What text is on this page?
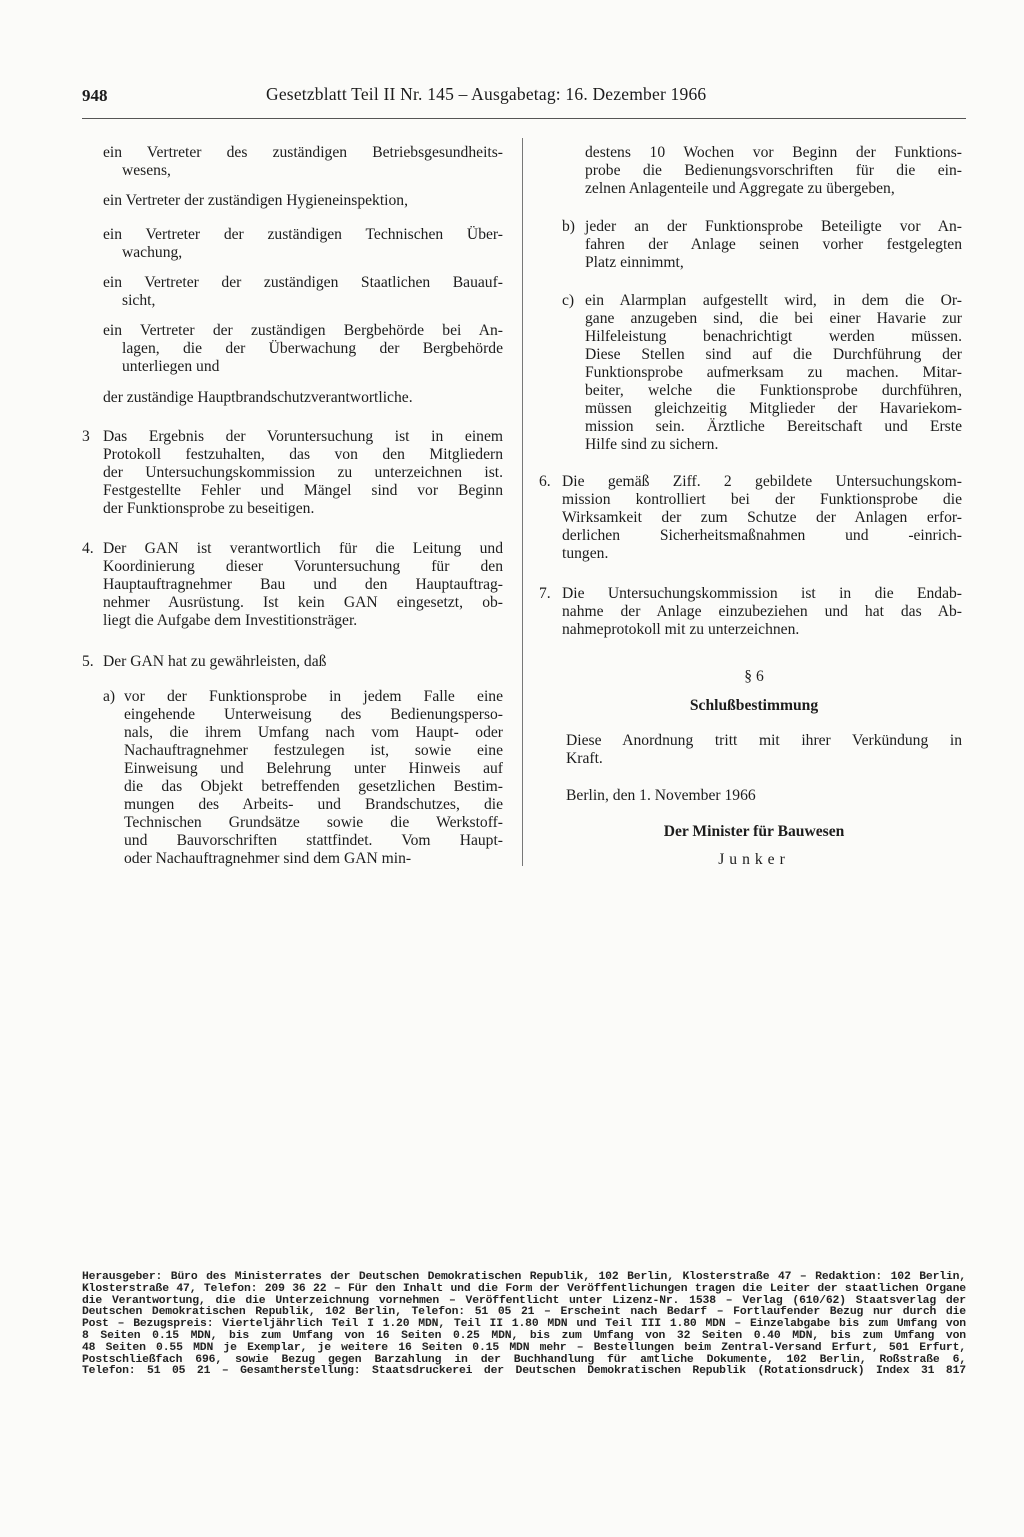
948	Gesetzblatt Teil II Nr. 145 – Ausgabetag: 16. Dezember 1966
ein Vertreter des zuständigen Betriebsgesundheits-
wesens,
ein Vertreter der zuständigen Hygieneinspektion,
ein Vertreter der zuständigen Technischen Über-
wachung,
ein Vertreter der zuständigen Staatlichen Bauauf-
sicht,
ein Vertreter der zuständigen Bergbehörde bei An-
lagen, die der Überwachung der Bergbehörde
unterliegen und
der zuständige Hauptbrandschutzverantwortliche.
3 Das Ergebnis der Voruntersuchung ist in einem
Protokoll festzuhalten, das von den Mitgliedern
der Untersuchungskommission zu unterzeichnen ist.
Festgestellte Fehler und Mängel sind vor Beginn
der Funktionsprobe zu beseitigen.
4. Der GAN ist verantwortlich für die Leitung und
Koordinierung dieser Voruntersuchung für den
Hauptauftragnehmer Bau und den Hauptauftrag-
nehmer Ausrüstung. Ist kein GAN eingesetzt, ob-
liegt die Aufgabe dem Investitionsträger.
5. Der GAN hat zu gewährleisten, daß
a) vor der Funktionsprobe in jedem Falle eine
eingehende Unterweisung des Bedienungsperso-
nals, die ihrem Umfang nach vom Haupt- oder
Nachauftragnehmer festzulegen ist, sowie eine
Einweisung und Belehrung unter Hinweis auf
die das Objekt betreffenden gesetzlichen Bestim-
mungen des Arbeits- und Brandschutzes, die
Technischen Grundsätze sowie die Werkstoff-
und Bauvorschriften stattfindet. Vom Haupt-
oder Nachauftragnehmer sind dem GAN min-
destens 10 Wochen vor Beginn der Funktions-
probe die Bedienungsvorschriften für die ein-
zelnen Anlagenteile und Aggregate zu übergeben,
b) jeder an der Funktionsprobe Beteiligte vor An-
fahren der Anlage seinen vorher festgelegten
Platz einnimmt,
c) ein Alarmplan aufgestellt wird, in dem die Or-
gane anzugeben sind, die bei einer Havarie zur
Hilfeleistung benachrichtigt werden müssen.
Diese Stellen sind auf die Durchführung der
Funktionsprobe aufmerksam zu machen. Mitar-
beiter, welche die Funktionsprobe durchführen,
müssen gleichzeitig Mitglieder der Havariekom-
mission sein. Ärztliche Bereitschaft und Erste
Hilfe sind zu sichern.
6. Die gemäß Ziff. 2 gebildete Untersuchungskom-
mission kontrolliert bei der Funktionsprobe die
Wirksamkeit der zum Schutze der Anlagen erfor-
derlichen Sicherheitsmaßnahmen und -einrich-
tungen.
7. Die Untersuchungskommission ist in die Endab-
nahme der Anlage einzubeziehen und hat das Ab-
nahmeprotokoll mit zu unterzeichnen.
§ 6
Schlußbestimmung
Diese Anordnung tritt mit ihrer Verkündung in
Kraft.
Berlin, den 1. November 1966
Der Minister für Bauwesen
Junker
Herausgeber: Büro des Ministerrates der Deutschen Demokratischen Republik, 102 Berlin, Klosterstraße 47 – Redaktion: 102 Berlin,
Klosterstraße 47, Telefon: 209 36 22 – Für den Inhalt und die Form der Veröffentlichungen tragen die Leiter der staatlichen Organe
die Verantwortung, die die Unterzeichnung vornehmen – Veröffentlicht unter Lizenz-Nr. 1538 – Verlag (610/62) Staatsverlag der
Deutschen Demokratischen Republik, 102 Berlin, Telefon: 51 05 21 – Erscheint nach Bedarf – Fortlaufender Bezug nur durch die
Post – Bezugspreis: Vierteljährlich Teil I 1.20 MDN, Teil II 1.80 MDN und Teil III 1.80 MDN – Einzelabgabe bis zum Umfang von
8 Seiten 0.15 MDN, bis zum Umfang von 16 Seiten 0.25 MDN, bis zum Umfang von 32 Seiten 0.40 MDN, bis zum Umfang von
48 Seiten 0.55 MDN je Exemplar, je weitere 16 Seiten 0.15 MDN mehr – Bestellungen beim Zentral-Versand Erfurt, 501 Erfurt,
Postschließfach 696, sowie Bezug gegen Barzahlung in der Buchhandlung für amtliche Dokumente, 102 Berlin, Roßstraße 6,
Telefon: 51 05 21 – Gesamtherstellung: Staatsdruckerei der Deutschen Demokratischen Republik (Rotationsdruck) Index 31 817
